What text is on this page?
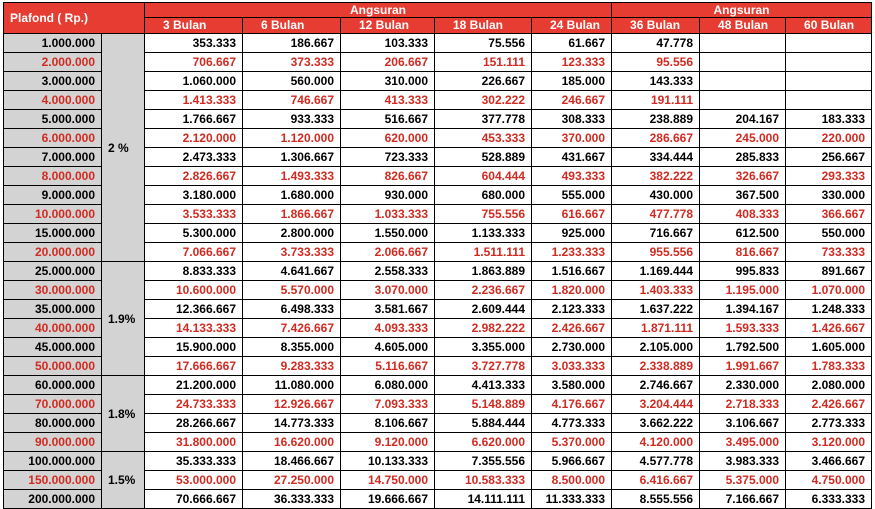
Plafond ( Rp.)		Angsuran					Angsuran		
		3 Bulan	6 Bulan	12 Bulan	18 Bulan	24 Bulan	36 Bulan	48 Bulan	60 Bulan
1.000.000	2 %	353.333	186.667	103.333	75.556	61.667	47.778		
2.000.000		706.667	373.333	206.667	151.111	123.333	95.556		
3.000.000		1.060.000	560.000	310.000	226.667	185.000	143.333		
4.000.000		1.413.333	746.667	413.333	302.222	246.667	191.111		
5.000.000		1.766.667	933.333	516.667	377.778	308.333	238.889	204.167	183.333
6.000.000		2.120.000	1.120.000	620.000	453.333	370.000	286.667	245.000	220.000
7.000.000		2.473.333	1.306.667	723.333	528.889	431.667	334.444	285.833	256.667
8.000.000		2.826.667	1.493.333	826.667	604.444	493.333	382.222	326.667	293.333
9.000.000		3.180.000	1.680.000	930.000	680.000	555.000	430.000	367.500	330.000
10.000.000		3.533.333	1.866.667	1.033.333	755.556	616.667	477.778	408.333	366.667
15.000.000		5.300.000	2.800.000	1.550.000	1.133.333	925.000	716.667	612.500	550.000
20.000.000		7.066.667	3.733.333	2.066.667	1.511.111	1.233.333	955.556	816.667	733.333
25.000.000	1.9%	8.833.333	4.641.667	2.558.333	1.863.889	1.516.667	1.169.444	995.833	891.667
30.000.000		10.600.000	5.570.000	3.070.000	2.236.667	1.820.000	1.403.333	1.195.000	1.070.000
35.000.000		12.366.667	6.498.333	3.581.667	2.609.444	2.123.333	1.637.222	1.394.167	1.248.333
40.000.000		14.133.333	7.426.667	4.093.333	2.982.222	2.426.667	1.871.111	1.593.333	1.426.667
45.000.000		15.900.000	8.355.000	4.605.000	3.355.000	2.730.000	2.105.000	1.792.500	1.605.000
50.000.000		17.666.667	9.283.333	5.116.667	3.727.778	3.033.333	2.338.889	1.991.667	1.783.333
60.000.000	1.8%	21.200.000	11.080.000	6.080.000	4.413.333	3.580.000	2.746.667	2.330.000	2.080.000
70.000.000		24.733.333	12.926.667	7.093.333	5.148.889	4.176.667	3.204.444	2.718.333	2.426.667
80.000.000		28.266.667	14.773.333	8.106.667	5.884.444	4.773.333	3.662.222	3.106.667	2.773.333
90.000.000		31.800.000	16.620.000	9.120.000	6.620.000	5.370.000	4.120.000	3.495.000	3.120.000
100.000.000	1.5%	35.333.333	18.466.667	10.133.333	7.355.556	5.966.667	4.577.778	3.983.333	3.466.667
150.000.000		53.000.000	27.250.000	14.750.000	10.583.333	8.500.000	6.416.667	5.375.000	4.750.000
200.000.000		70.666.667	36.333.333	19.666.667	14.111.111	11.333.333	8.555.556	7.166.667	6.333.333
